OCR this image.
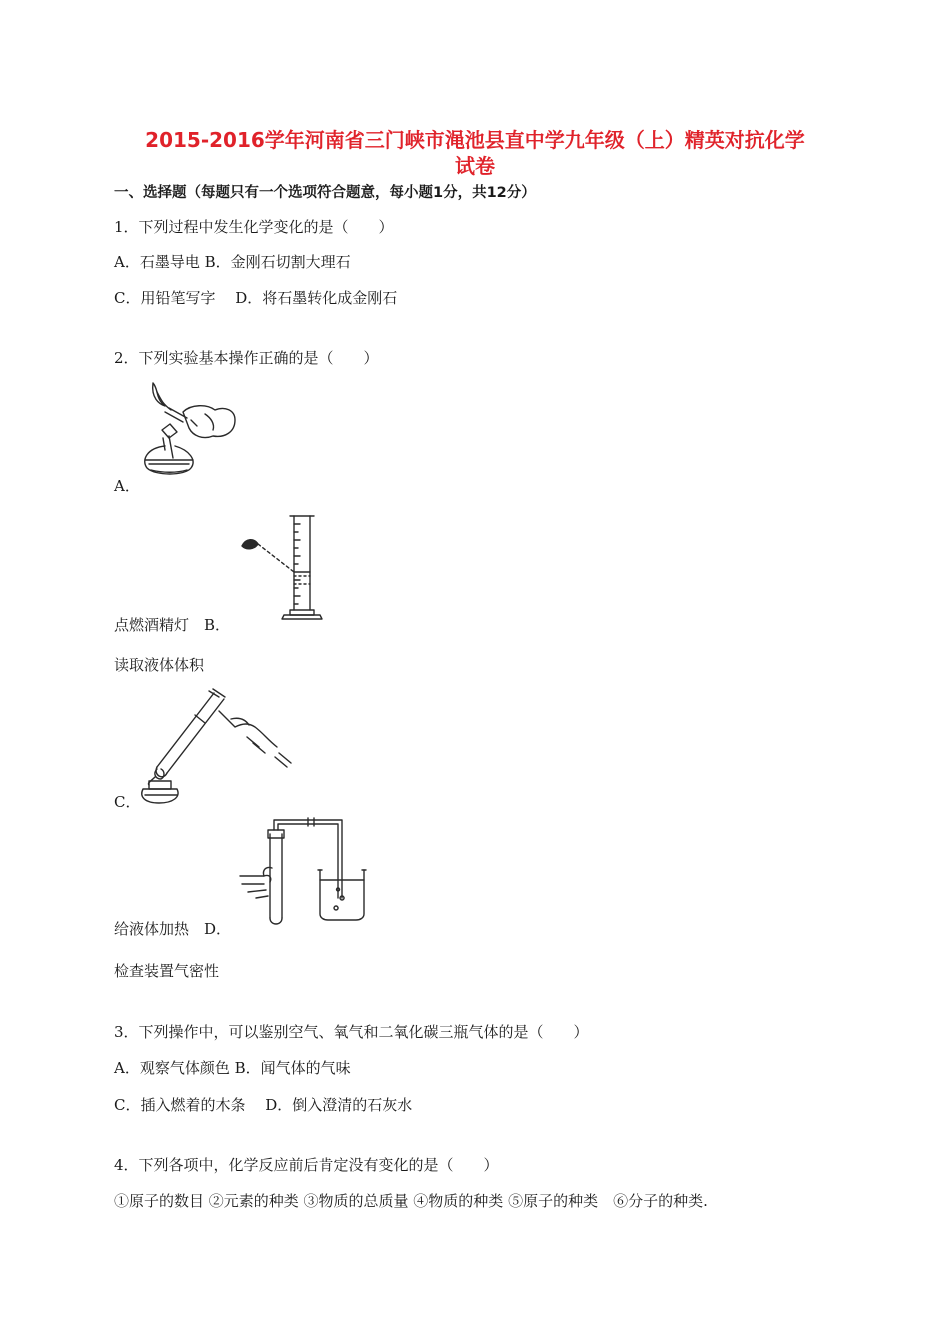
2015-2016学年河南省三门峡市渑池县直中学九年级（上）精英对抗化学
试卷
一、选择题（每题只有一个选项符合题意，每小题1分，共12分）
1．下列过程中发生化学变化的是（　　）
A．石墨导电 B．金刚石切割大理石
C．用铅笔写字　 D．将石墨转化成金刚石
2．下列实验基本操作正确的是（　　）
A．
点燃酒精灯　B．
读取液体体积
C．
给液体加热　D．
检查装置气密性
3．下列操作中，可以鉴别空气、氧气和二氧化碳三瓶气体的是（　　）
A．观察气体颜色 B．闻气体的气味
C．插入燃着的木条　 D．倒入澄清的石灰水
4．下列各项中，化学反应前后肯定没有变化的是（　　）
①原子的数目 ②元素的种类 ③物质的总质量 ④物质的种类 ⑤原子的种类　⑥分子的种类.
